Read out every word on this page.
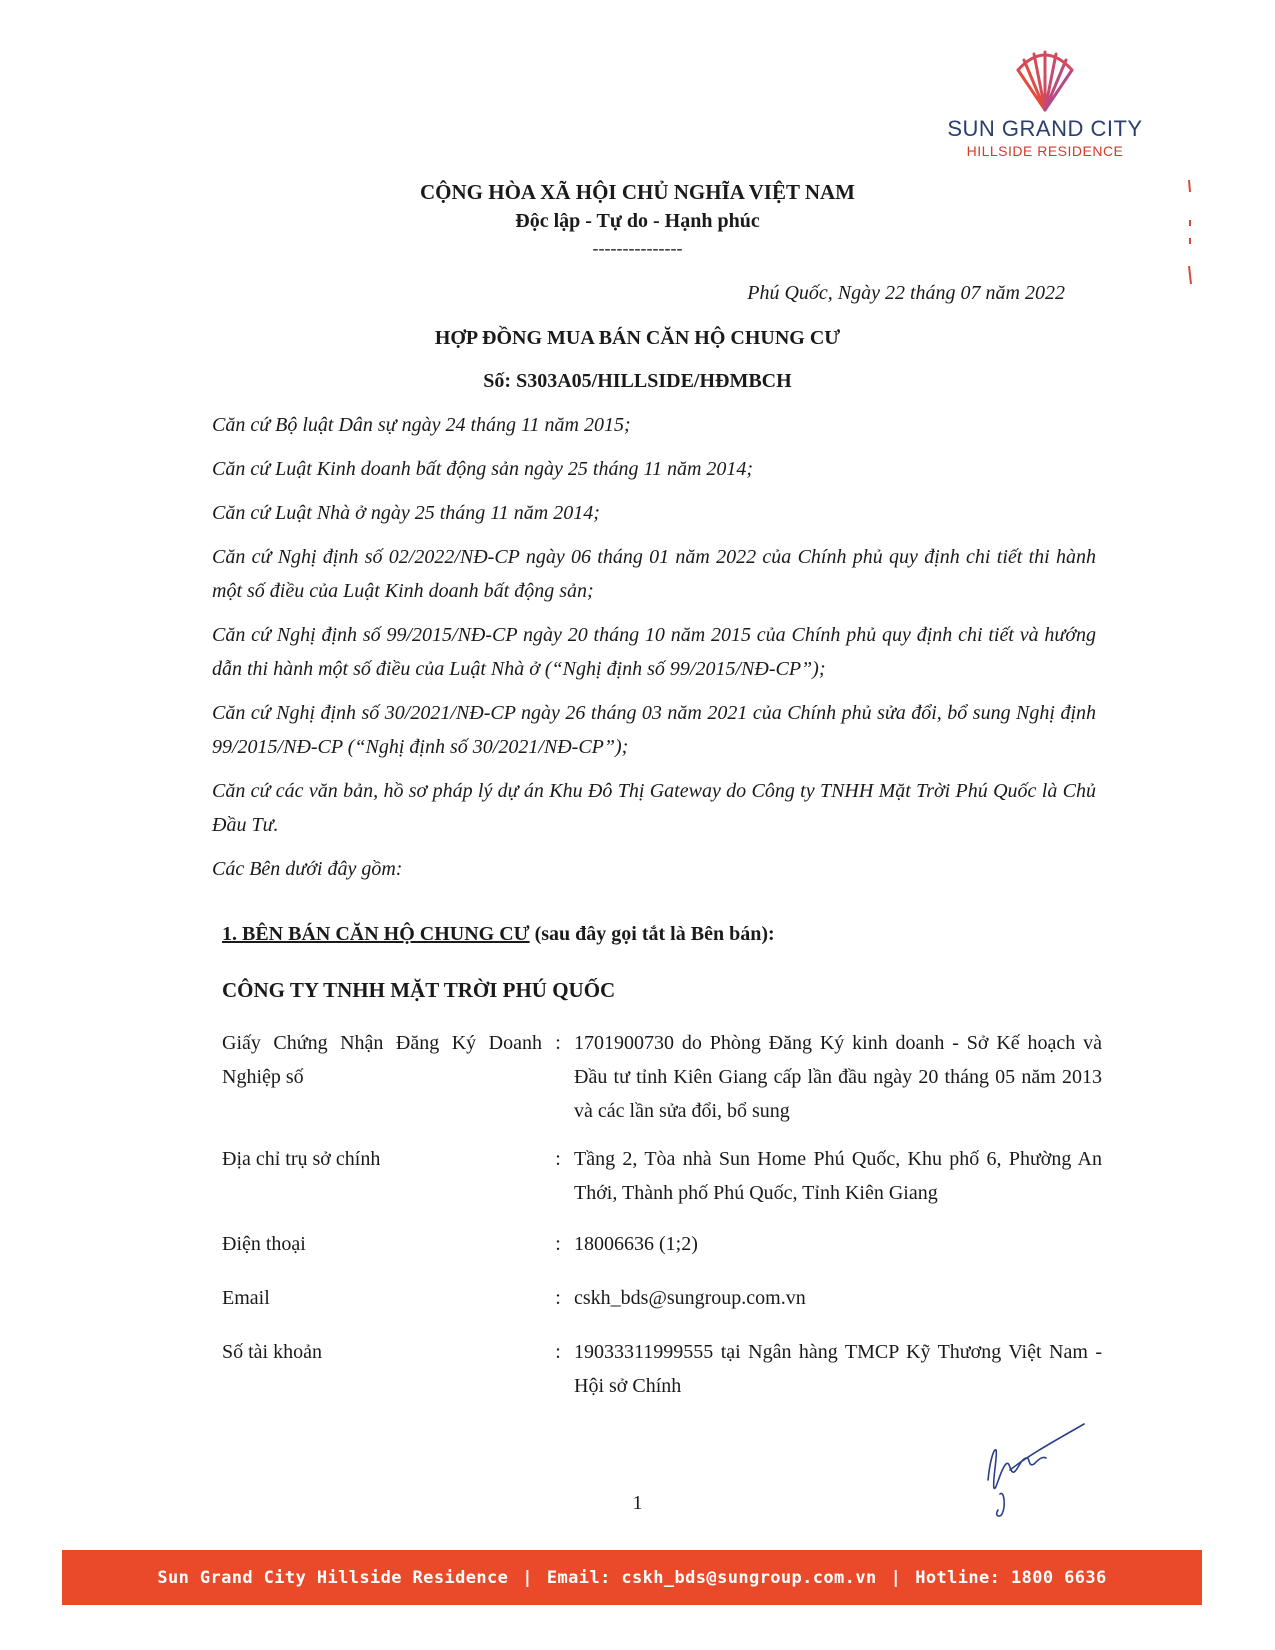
SUN GRAND CITY
HILLSIDE RESIDENCE
CỘNG HÒA XÃ HỘI CHỦ NGHĨA VIỆT NAM
Độc lập - Tự do - Hạnh phúc
---------------
Phú Quốc, Ngày 22 tháng 07 năm 2022
HỢP ĐỒNG MUA BÁN CĂN HỘ CHUNG CƯ
Số: S303A05/HILLSIDE/HĐMBCH
Căn cứ Bộ luật Dân sự ngày 24 tháng 11 năm 2015;
Căn cứ Luật Kinh doanh bất động sản ngày 25 tháng 11 năm 2014;
Căn cứ Luật Nhà ở ngày 25 tháng 11 năm 2014;
Căn cứ Nghị định số 02/2022/NĐ-CP ngày 06 tháng 01 năm 2022 của Chính phủ quy định chi tiết thi hành một số điều của Luật Kinh doanh bất động sản;
Căn cứ Nghị định số 99/2015/NĐ-CP ngày 20 tháng 10 năm 2015 của Chính phủ quy định chi tiết và hướng dẫn thi hành một số điều của Luật Nhà ở (“Nghị định số 99/2015/NĐ-CP”);
Căn cứ Nghị định số 30/2021/NĐ-CP ngày 26 tháng 03 năm 2021 của Chính phủ sửa đổi, bổ sung Nghị định 99/2015/NĐ-CP (“Nghị định số 30/2021/NĐ-CP”);
Căn cứ các văn bản, hồ sơ pháp lý dự án Khu Đô Thị Gateway do Công ty TNHH Mặt Trời Phú Quốc là Chủ Đầu Tư.
Các Bên dưới đây gồm:
1. BÊN BÁN CĂN HỘ CHUNG CƯ (sau đây gọi tắt là Bên bán):
CÔNG TY TNHH MẶT TRỜI PHÚ QUỐC
Giấy Chứng Nhận Đăng Ký Doanh Nghiệp số
: 1701900730 do Phòng Đăng Ký kinh doanh - Sở Kế hoạch và Đầu tư tỉnh Kiên Giang cấp lần đầu ngày 20 tháng 05 năm 2013 và các lần sửa đổi, bổ sung
Địa chỉ trụ sở chính	: Tầng 2, Tòa nhà Sun Home Phú Quốc, Khu phố 6, Phường An Thới, Thành phố Phú Quốc, Tỉnh Kiên Giang
Điện thoại	: 18006636 (1;2)
Email	: cskh_bds@sungroup.com.vn
Số tài khoản	: 19033311999555 tại Ngân hàng TMCP Kỹ Thương Việt Nam - Hội sở Chính
1
Sun Grand City Hillside Residence | Email: cskh_bds@sungroup.com.vn | Hotline: 1800 6636
